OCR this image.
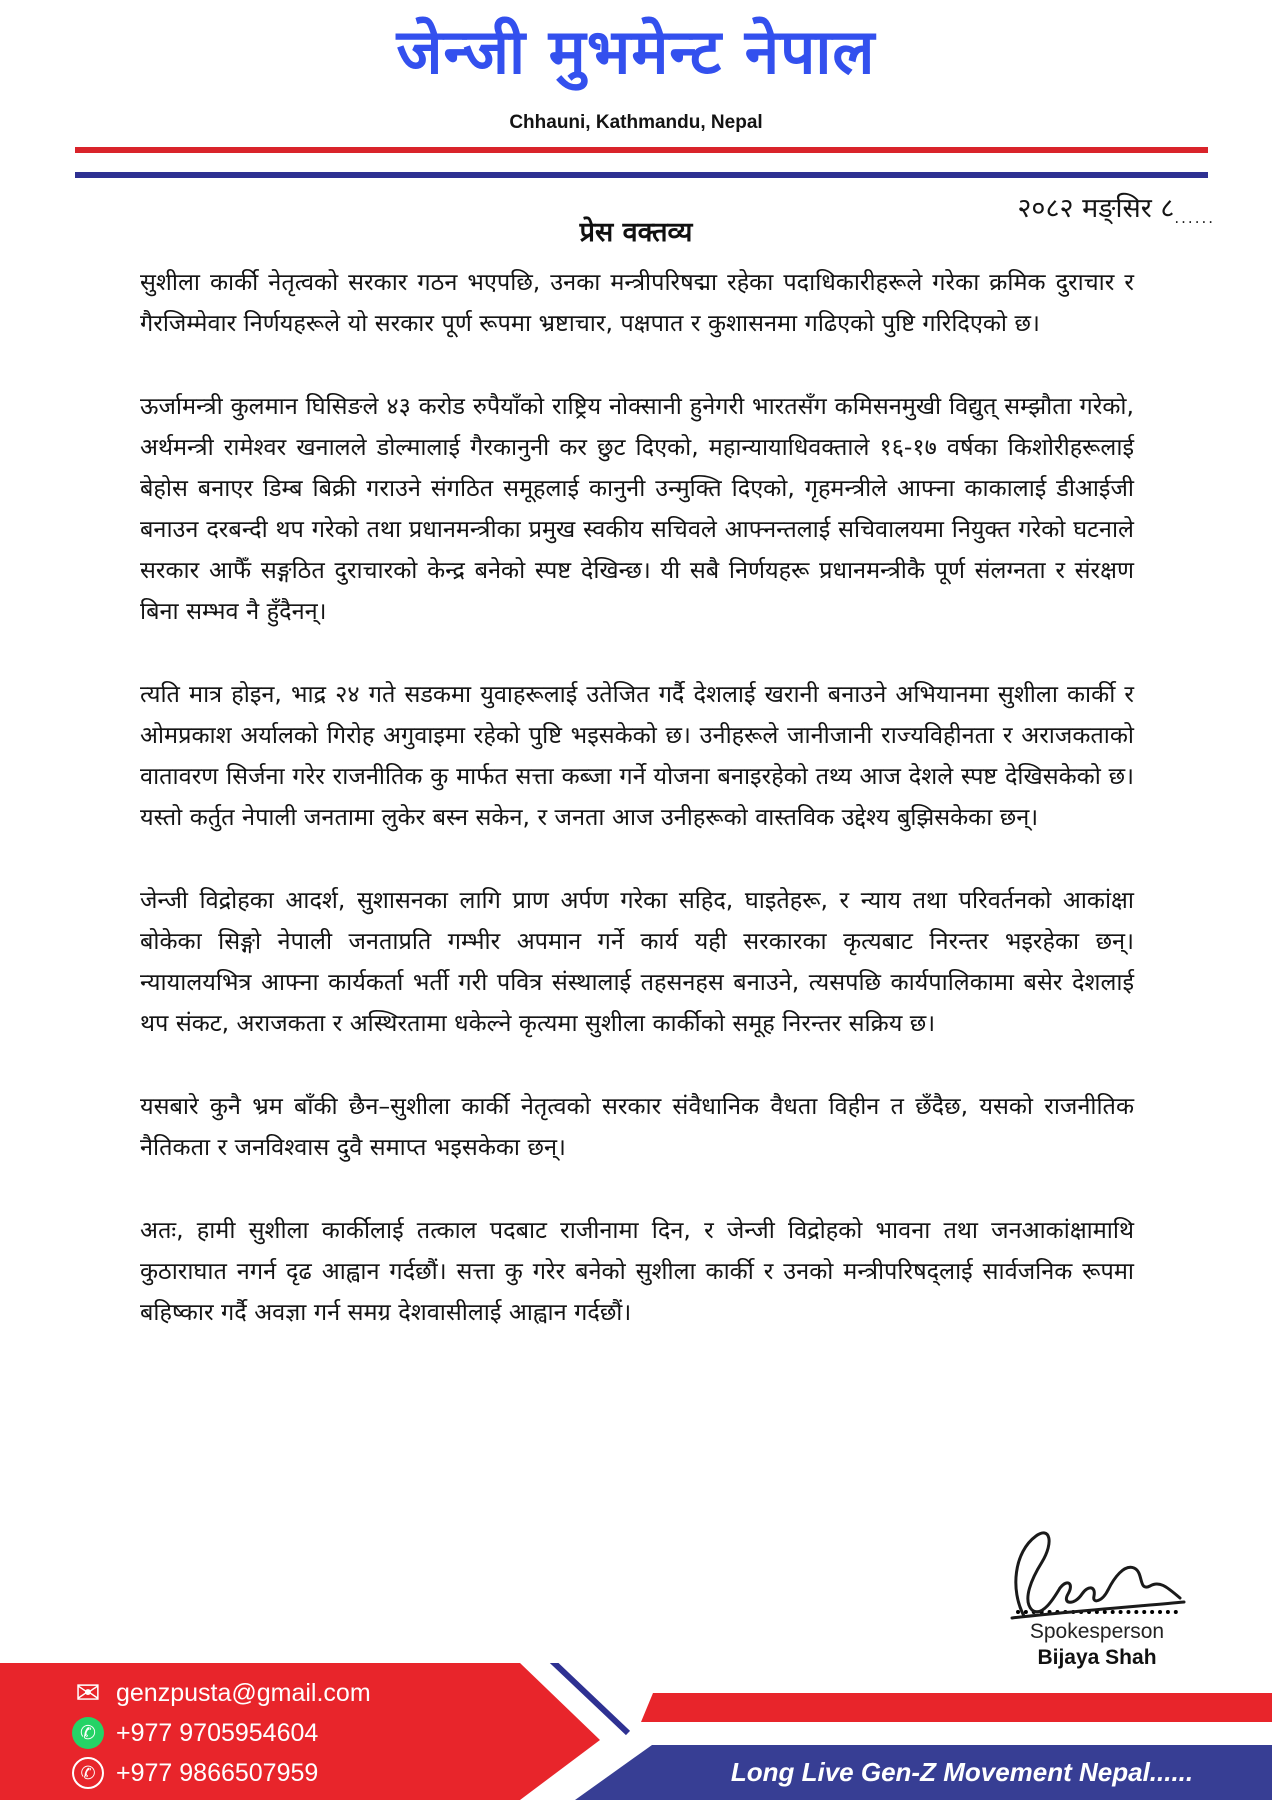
जेन्जी मुभमेन्ट नेपाल
Chhauni, Kathmandu, Nepal
२०८२ मङ्सिर $८_{......}$
प्रेस वक्तव्य

सुशीला कार्की नेतृत्वको सरकार गठन भएपछि, उनका मन्त्रीपरिषद्मा रहेका पदाधिकारीहरूले गरेका क्रमिक दुराचार र गैरजिम्मेवार निर्णयहरूले यो सरकार पूर्ण रूपमा भ्रष्टाचार, पक्षपात र कुशासनमा गढिएको पुष्टि गरिदिएको छ।

ऊर्जामन्त्री कुलमान घिसिङले ४३ करोड रुपैयाँको राष्ट्रिय नोक्सानी हुनेगरी भारतसँग कमिसनमुखी विद्युत् सम्झौता गरेको, अर्थमन्त्री रामेश्वर खनालले डोल्मालाई गैरकानुनी कर छुट दिएको, महान्यायाधिवक्ताले १६-१७ वर्षका किशोरीहरूलाई बेहोस बनाएर डिम्ब बिक्री गराउने संगठित समूहलाई कानुनी उन्मुक्ति दिएको, गृहमन्त्रीले आफ्ना काकालाई डीआईजी बनाउन दरबन्दी थप गरेको तथा प्रधानमन्त्रीका प्रमुख स्वकीय सचिवले आफ्नन्तलाई सचिवालयमा नियुक्त गरेको घटनाले सरकार आफैँ सङ्गठित दुराचारको केन्द्र बनेको स्पष्ट देखिन्छ। यी सबै निर्णयहरू प्रधानमन्त्रीकै पूर्ण संलग्नता र संरक्षण बिना सम्भव नै हुँदैनन्।

त्यति मात्र होइन, भाद्र २४ गते सडकमा युवाहरूलाई उतेजित गर्दै देशलाई खरानी बनाउने अभियानमा सुशीला कार्की र ओमप्रकाश अर्यालको गिरोह अगुवाइमा रहेको पुष्टि भइसकेको छ। उनीहरूले जानीजानी राज्यविहीनता र अराजकताको वातावरण सिर्जना गरेर राजनीतिक कु मार्फत सत्ता कब्जा गर्ने योजना बनाइरहेको तथ्य आज देशले स्पष्ट देखिसकेको छ। यस्तो कर्तुत नेपाली जनतामा लुकेर बस्न सकेन, र जनता आज उनीहरूको वास्तविक उद्देश्य बुझिसकेका छन्।

जेन्जी विद्रोहका आदर्श, सुशासनका लागि प्राण अर्पण गरेका सहिद, घाइतेहरू, र न्याय तथा परिवर्तनको आकांक्षा बोकेका सिङ्गो नेपाली जनताप्रति गम्भीर अपमान गर्ने कार्य यही सरकारका कृत्यबाट निरन्तर भइरहेका छन्। न्यायालयभित्र आफ्ना कार्यकर्ता भर्ती गरी पवित्र संस्थालाई तहसनहस बनाउने, त्यसपछि कार्यपालिकामा बसेर देशलाई थप संकट, अराजकता र अस्थिरतामा धकेल्ने कृत्यमा सुशीला कार्कीको समूह निरन्तर सक्रिय छ।

यसबारे कुनै भ्रम बाँकी छैन–सुशीला कार्की नेतृत्वको सरकार संवैधानिक वैधता विहीन त छँदैछ, यसको राजनीतिक नैतिकता र जनविश्वास दुवै समाप्त भइसकेका छन्।

अतः, हामी सुशीला कार्कीलाई तत्काल पदबाट राजीनामा दिन, र जेन्जी विद्रोहको भावना तथा जनआकांक्षामाथि कुठाराघात नगर्न दृढ आह्वान गर्दछौं। सत्ता कु गरेर बनेको सुशीला कार्की र उनको मन्त्रीपरिषद्लाई सार्वजनिक रूपमा बहिष्कार गर्दै अवज्ञा गर्न समग्र देशवासीलाई आह्वान गर्दछौं।

Spokesperson
Bijaya Shah
✉ genzpusta@gmail.com
✆ +977 9705954604
✆ +977 9866507959	Long Live Gen-Z Movement Nepal......
